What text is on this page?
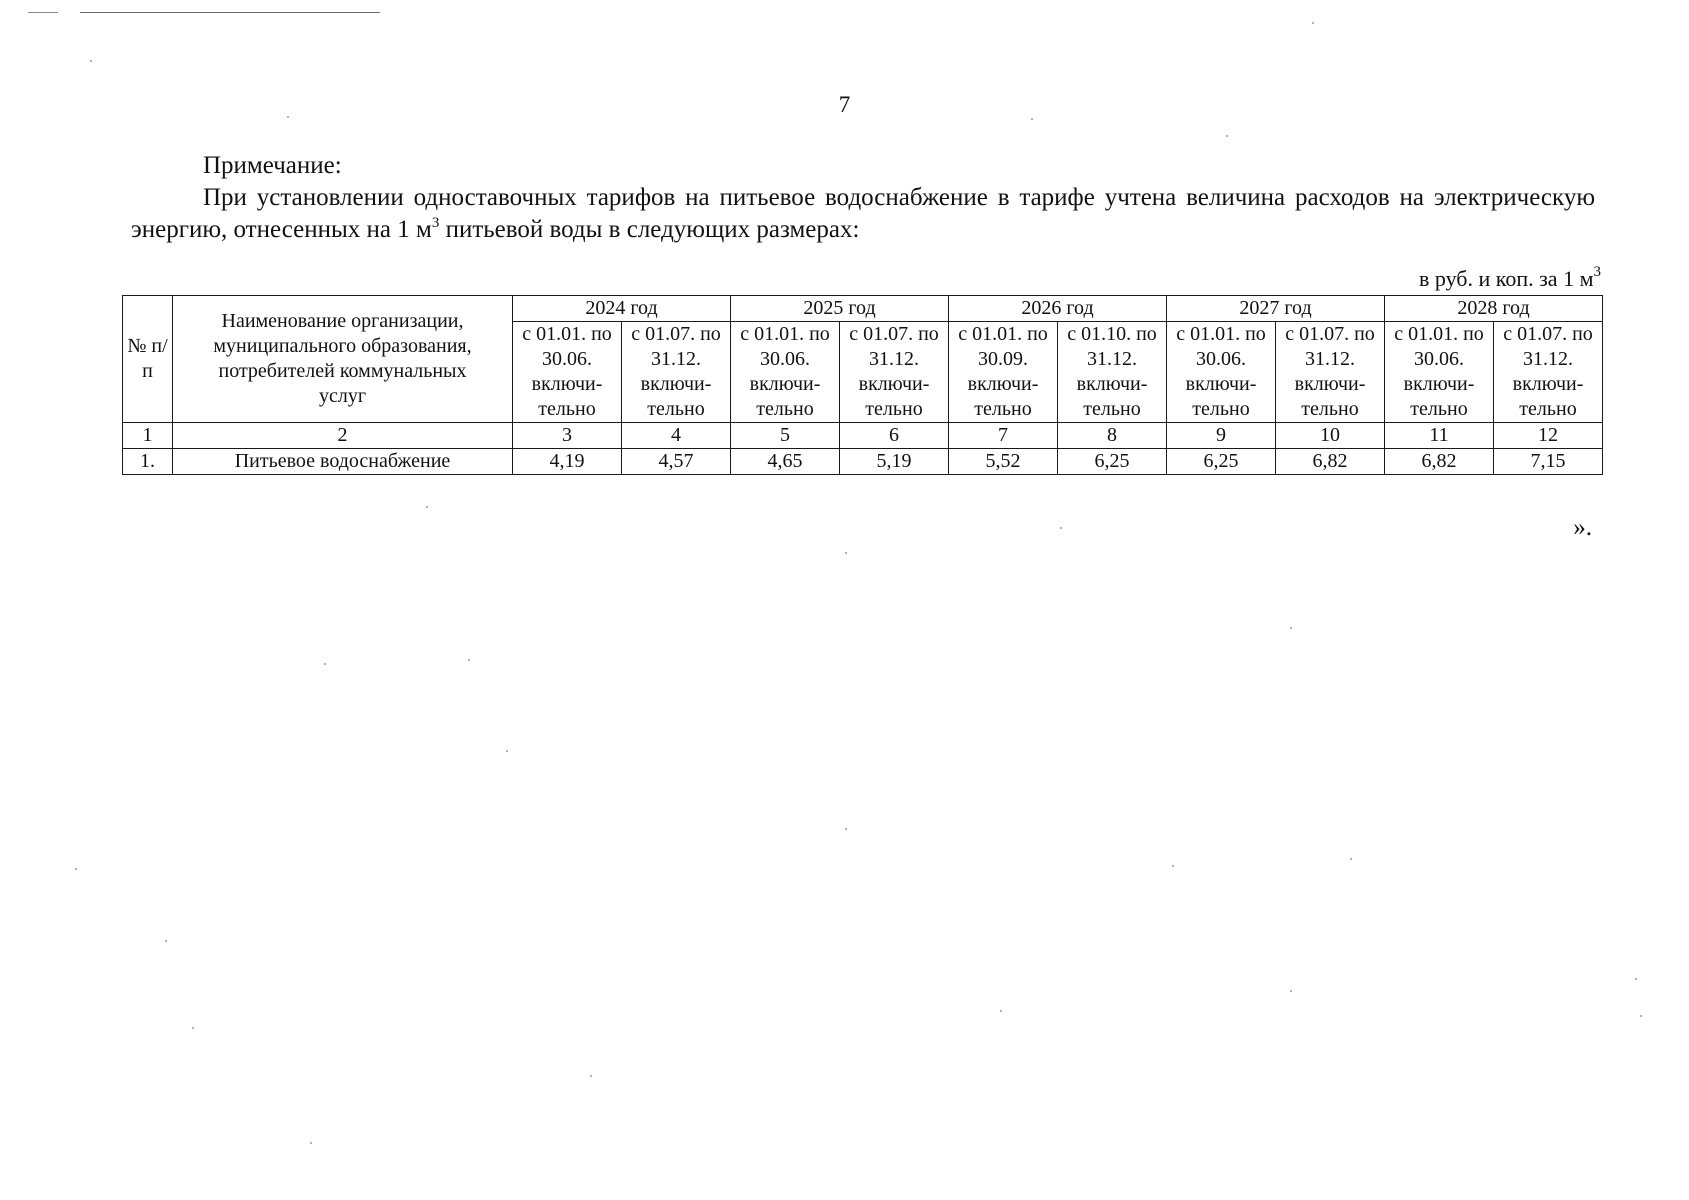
7
Примечание:
При установлении одноставочных тарифов на питьевое водоснабжение в тарифе учтена величина расходов на электрическую энергию, отнесенных на 1 $м^3$ питьевой воды в следующих размерах:
в руб. и коп. за 1 $м^3$
№ п/п	Наименование организации, муниципального образования, потребителей коммунальных услуг	2024 год		2025 год		2026 год		2027 год		2028 год	
		с 01.01. по 30.06. включи-тельно	с 01.07. по 31.12. включи-тельно	с 01.01. по 30.06. включи-тельно	с 01.07. по 31.12. включи-тельно	с 01.01. по 30.09. включи-тельно	с 01.10. по 31.12. включи-тельно	с 01.01. по 30.06. включи-тельно	с 01.07. по 31.12. включи-тельно	с 01.01. по 30.06. включи-тельно	с 01.07. по 31.12. включи-тельно
1	2	3	4	5	6	7	8	9	10	11	12
1.	Питьевое водоснабжение	4,19	4,57	4,65	5,19	5,52	6,25	6,25	6,82	6,82	7,15
».
